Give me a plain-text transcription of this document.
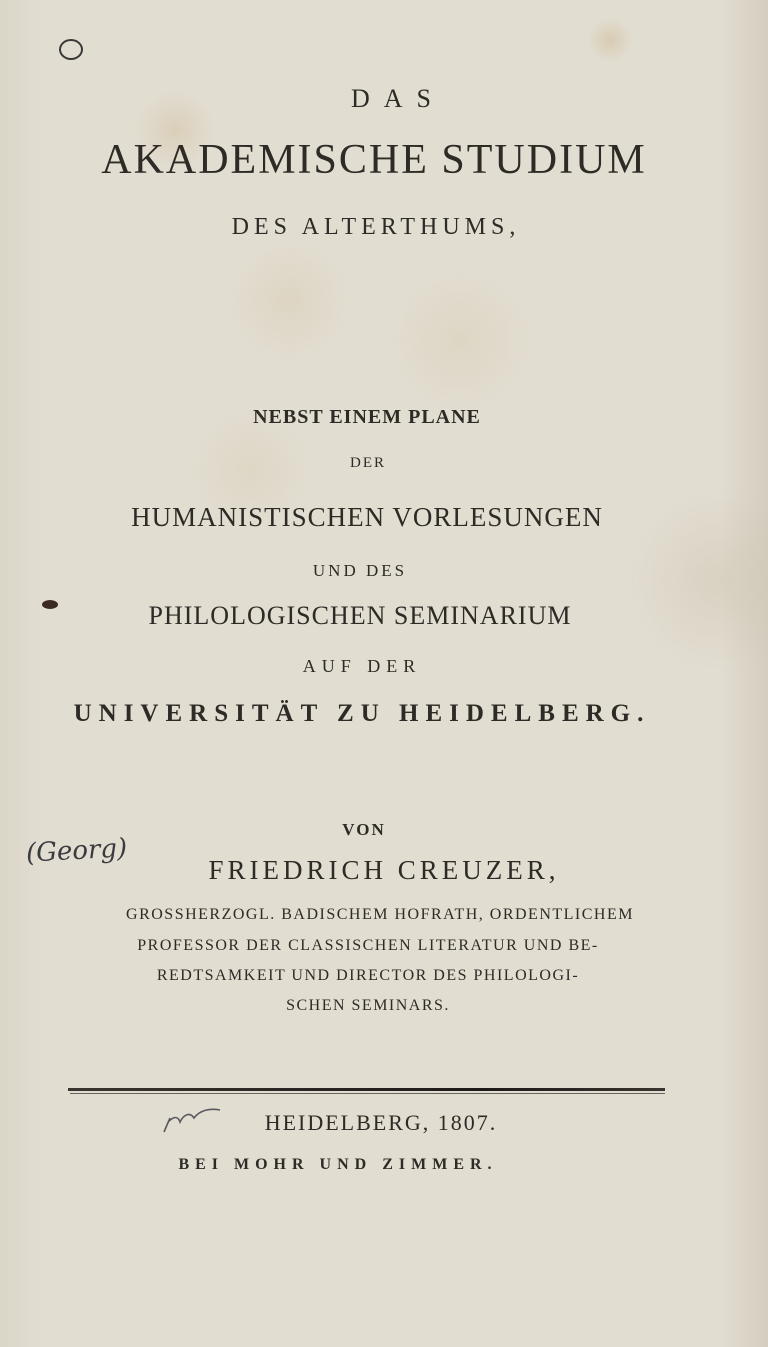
DAS

AKADEMISCHE STUDIUM

DES ALTERTHUMS,

NEBST EINEM PLANE

DER

HUMANISTISCHEN VORLESUNGEN

UND DES

PHILOLOGISCHEN SEMINARIUM

AUF DER

UNIVERSITÄT ZU HEIDELBERG.

VON

(Georg)

FRIEDRICH CREUZER,

GROSSHERZOGL. BADISCHEM HOFRATH, ORDENTLICHEM

PROFESSOR DER CLASSISCHEN LITERATUR UND BE-

REDTSAMKEIT UND DIRECTOR DES PHILOLOGI-

SCHEN SEMINARS.

HEIDELBERG, 1807.

BEI MOHR UND ZIMMER.
